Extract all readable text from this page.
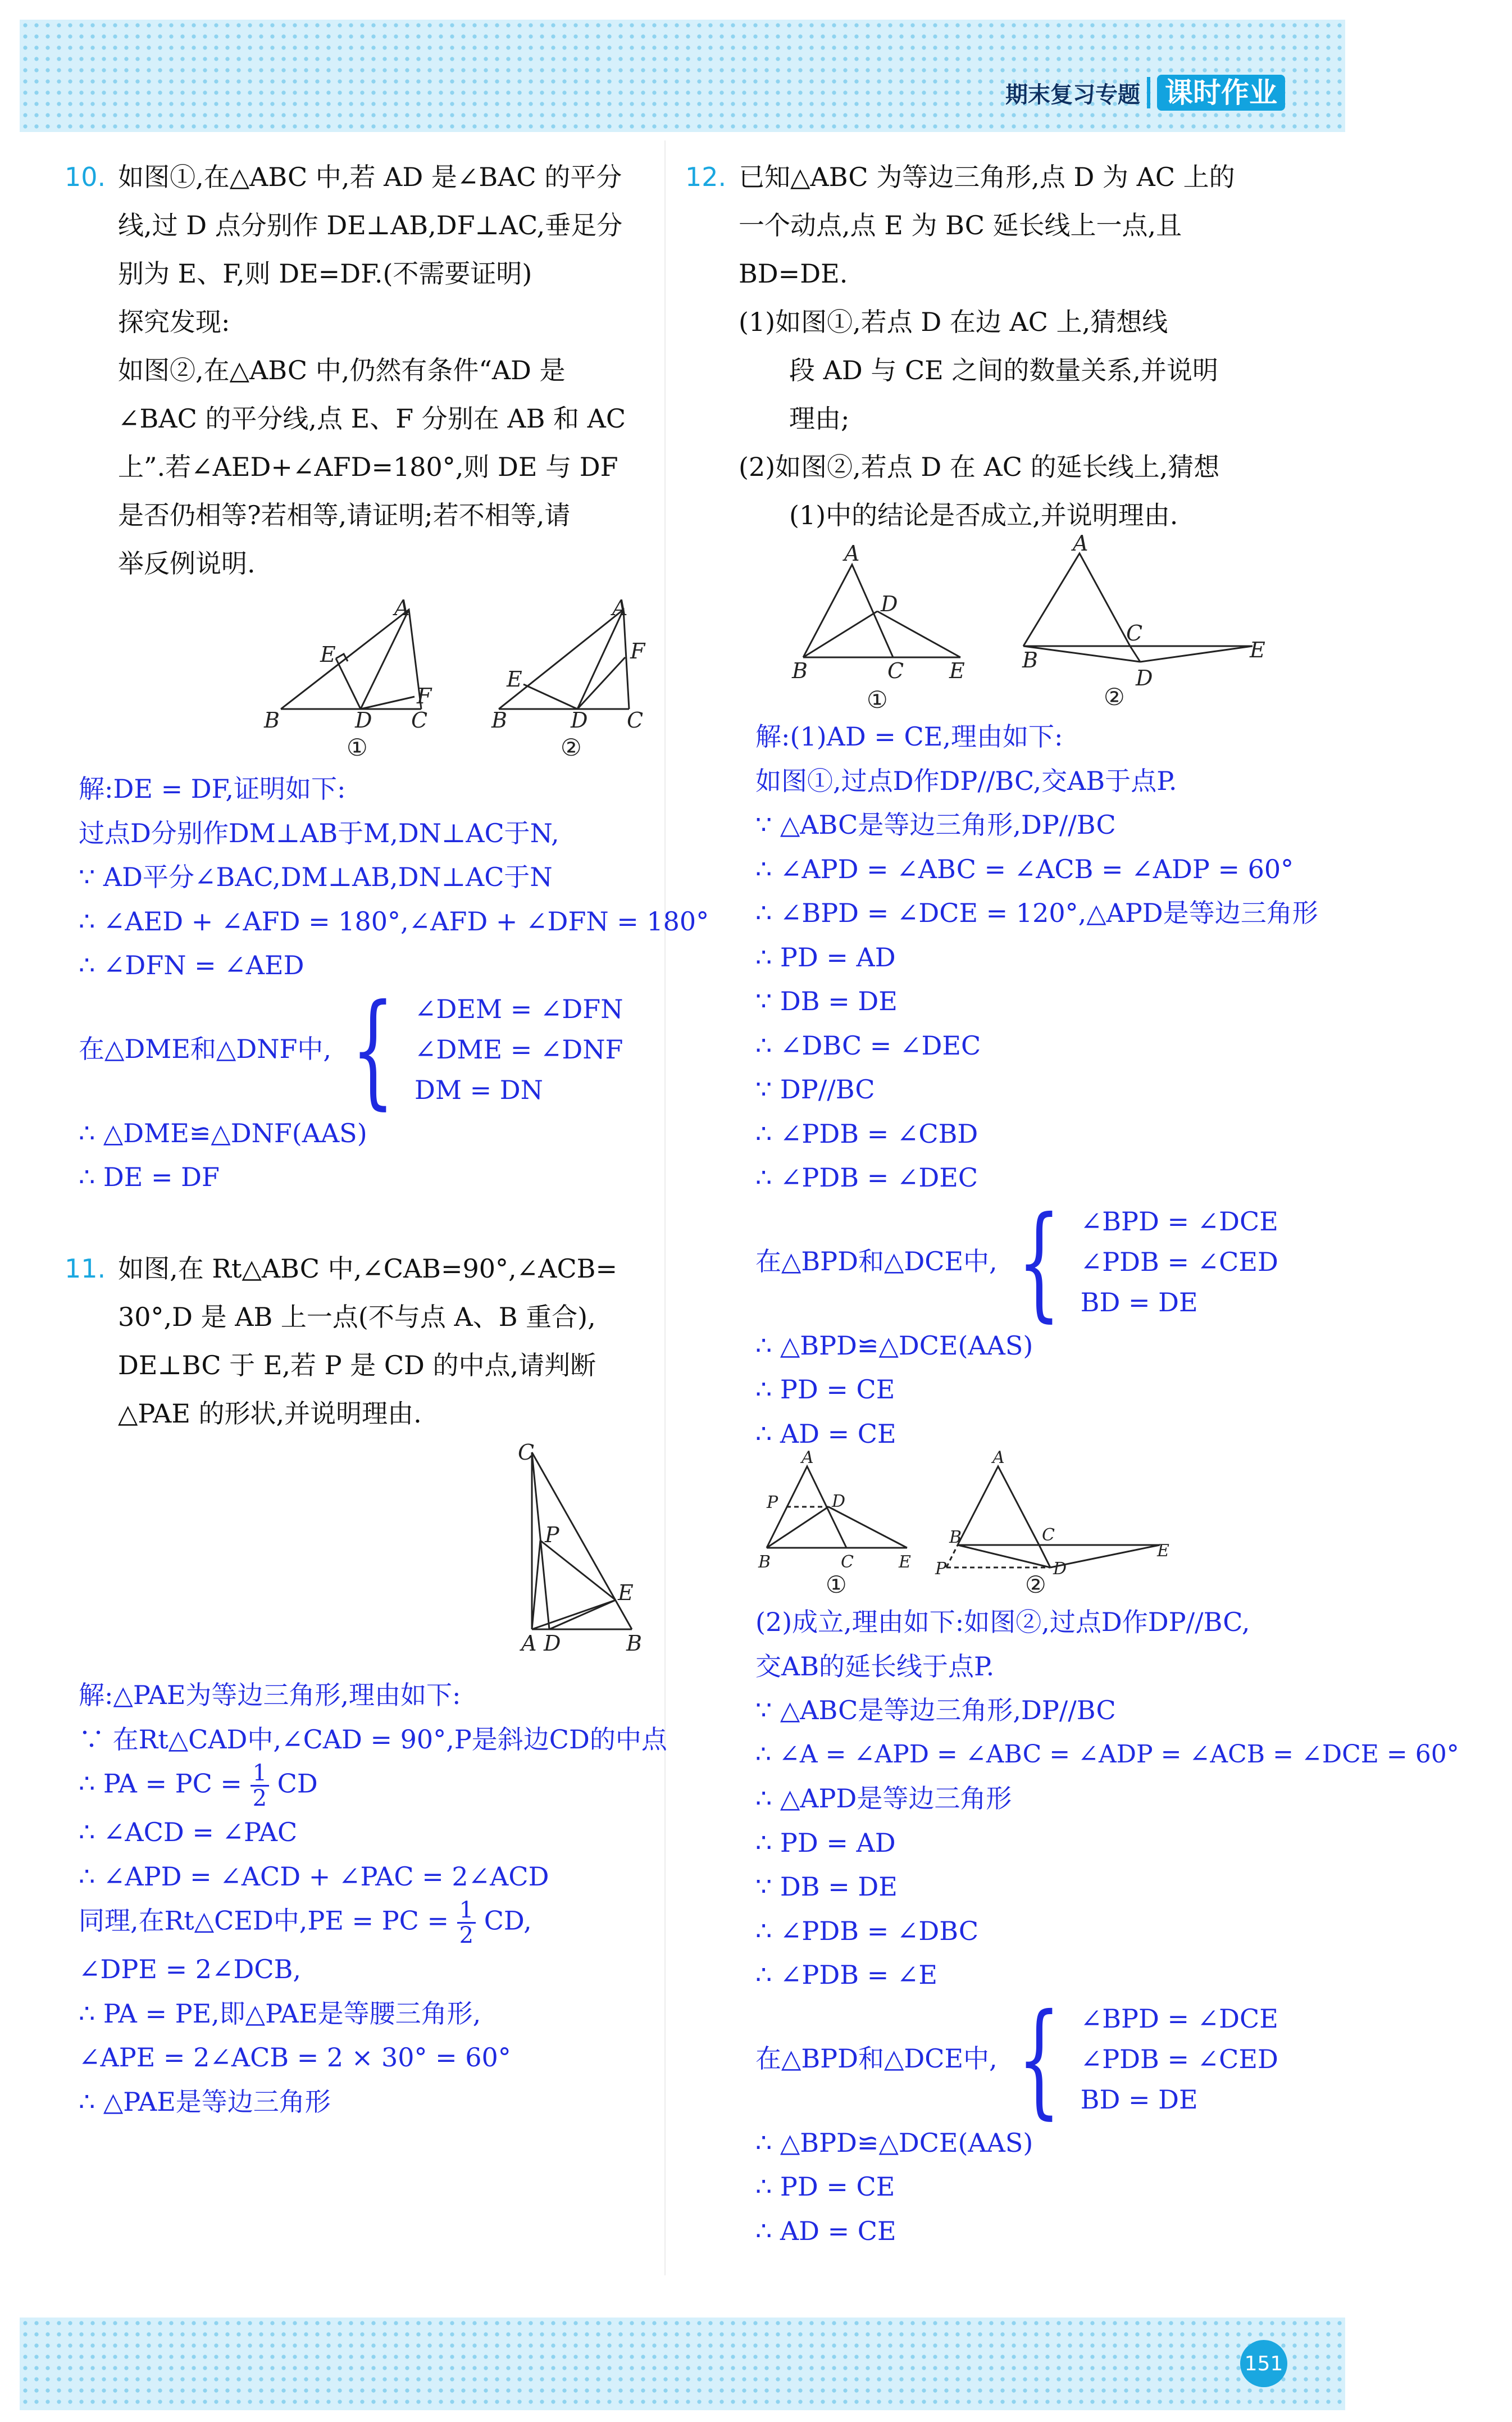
期末复习专题 课时作业
10. 如图①,在△ABC 中,若 AD 是∠BAC 的平分
线,过 D 点分别作 DE⊥AB,DF⊥AC,垂足分
别为 E、F,则 DE=DF.(不需要证明)
探究发现:
如图②,在△ABC 中,仍然有条件“AD 是
∠BAC 的平分线,点 E、F 分别在 AB 和 AC
上”.若∠AED+∠AFD=180°,则 DE 与 DF
是否仍相等?若相等,请证明;若不相等,请
举反例说明.
A
E
F
B	D C
①
A
E
F
B	D C
②
解:DE = DF,证明如下:
过点D分别作DM⊥AB于M,DN⊥AC于N,
∵ AD平分∠BAC,DM⊥AB,DN⊥AC于N
∴ ∠AED + ∠AFD = 180°,∠AFD + ∠DFN = 180°
∴ ∠DFN = ∠AED
在△DME和△DNF中, { ∠DEM = ∠DFN
∠DME = ∠DNF
DM = DN
∴ △DME≌△DNF(AAS)
∴ DE = DF
11. 如图,在 Rt△ABC 中,∠CAB=90°,∠ACB=
30°,D 是 AB 上一点(不与点 A、B 重合),
DE⊥BC 于 E,若 P 是 CD 的中点,请判断
△PAE 的形状,并说明理由.
C
P
E
A D	B
解:△PAE为等边三角形,理由如下:
∵ 在Rt△CAD中,∠CAD = 90°,P是斜边CD的中点
∴ PA = PC = $\frac{1}{2}$ CD
∴ ∠ACD = ∠PAC
∴ ∠APD = ∠ACD + ∠PAC = 2∠ACD
同理,在Rt△CED中,PE = PC = $\frac{1}{2}$ CD,
∠DPE = 2∠DCB,
∴ PA = PE,即△PAE是等腰三角形,
∠APE = 2∠ACB = 2 × 30° = 60°
∴ △PAE是等边三角形
12. 已知△ABC 为等边三角形,点 D 为 AC 上的
一个动点,点 E 为 BC 延长线上一点,且
BD=DE.
(1)如图①,若点 D 在边 AC 上,猜想线
段 AD 与 CE 之间的数量关系,并说明
理由;
(2)如图②,若点 D 在 AC 的延长线上,猜想
(1)中的结论是否成立,并说明理由.
A
D
B	C E
①
A
C
D
B	E
②
解:(1)AD = CE,理由如下:
如图①,过点D作DP//BC,交AB于点P.
∵ △ABC是等边三角形,DP//BC
∴ ∠APD = ∠ABC = ∠ACB = ∠ADP = 60°
∴ ∠BPD = ∠DCE = 120°,△APD是等边三角形
∴ PD = AD
∵ DB = DE
∴ ∠DBC = ∠DEC
∵ DP//BC
∴ ∠PDB = ∠CBD
∴ ∠PDB = ∠DEC
在△BPD和△DCE中, { ∠BPD = ∠DCE
∠PDB = ∠CED
BD = DE
∴ △BPD≌△DCE(AAS)
∴ PD = CE
∴ AD = CE
A
P	D
B	C	E
①
A
C
D
P
B
E
②
(2)成立,理由如下:如图②,过点D作DP//BC,
交AB的延长线于点P.
∵ △ABC是等边三角形,DP//BC
∴ ∠A = ∠APD = ∠ABC = ∠ADP = ∠ACB = ∠DCE = 60°
∴ △APD是等边三角形
∴ PD = AD
∵ DB = DE
∴ ∠PDB = ∠DBC
∴ ∠PDB = ∠E
在△BPD和△DCE中, { ∠BPD = ∠DCE
∠PDB = ∠CED
BD = DE
∴ △BPD≌△DCE(AAS)
∴ PD = CE
∴ AD = CE
151
